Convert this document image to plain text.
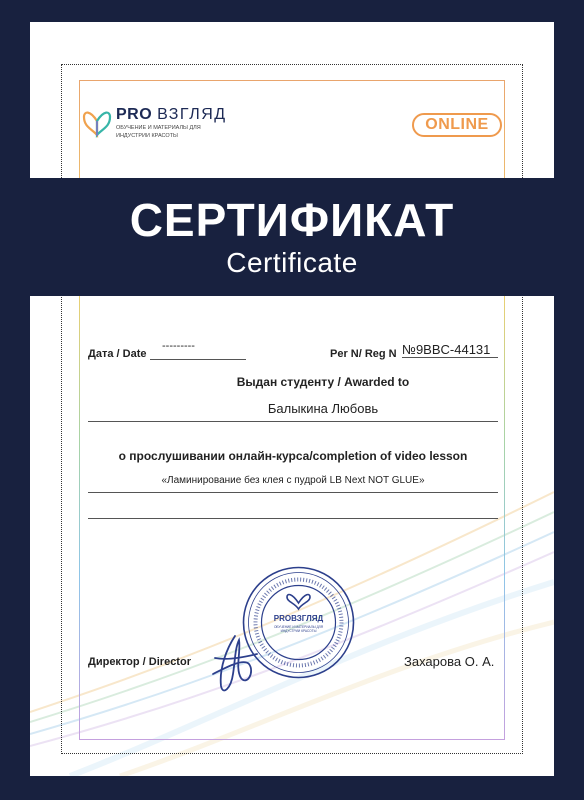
PRO ВЗГЛЯД
ОБУЧЕНИЕ И МАТЕРИАЛЫ ДЛЯ
ИНДУСТРИИ КРАСОТЫ
ONLINE
Дата / Date
---------
Per N/ Reg N №9BBC-44131
Выдан студенту / Awarded to
Балыкина Любовь
о прослушивании онлайн-курса/completion of video lesson
«Ламинирование без клея с пудрой LB Next NOT GLUE»
Директор / Director	Захарова О. А.
СЕРТИФИКАТ
Certificate
PROВЗГЛЯД
ОБУЧЕНИЕ И МАТЕРИАЛЫ ДЛЯ
ИНДУСТРИИ КРАСОТЫ
